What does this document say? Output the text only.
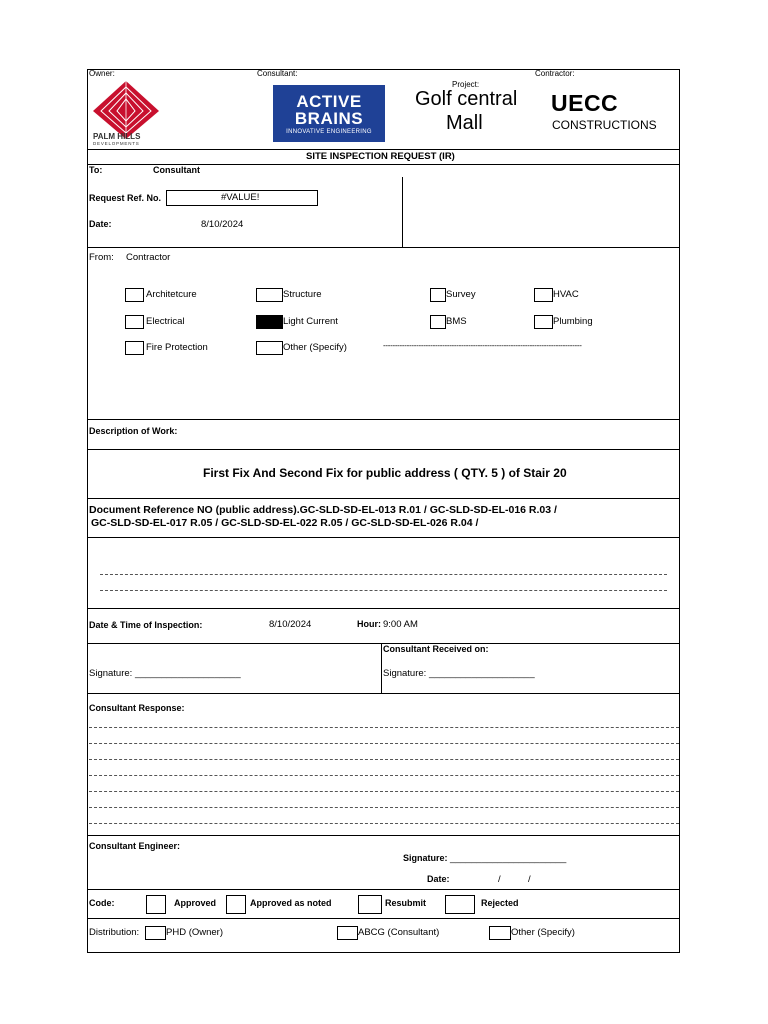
Owner:	Consultant:
Project:
Contractor:
PALM HILLS
DEVELOPMENTS
ACTIVE
BRAINS
INNOVATIVE ENGINEERING
Golf central
Mall
UECC
CONSTRUCTIONS
SITE INSPECTION REQUEST (IR)
To:	Consultant
Request Ref. No.	#VALUE!
Date:	8/10/2024
From: Contractor
Architetcure	Structure	Survey	HVAC
Electrical	Light Current	BMS	Plumbing
Fire Protection	Other (Specify)	------------------------------------------------------------------------------------
Description of Work:
First Fix And Second Fix for public address ( QTY. 5 ) of Stair 20
Document Reference NO (public address).GC-SLD-SD-EL-013 R.01 / GC-SLD-SD-EL-016 R.03 /
GC-SLD-SD-EL-017 R.05 / GC-SLD-SD-EL-022 R.05 / GC-SLD-SD-EL-026 R.04 /
Date & Time of Inspection:	8/10/2024	Hour: 9:00 AM
Consultant Received on:
Signature: ____________________	Signature: ____________________
Consultant Response:
Consultant Engineer:
Signature: ______________________
Date:	/	/
Code:	Approved	Approved as noted	Resubmit	Rejected
Distribution:	PHD (Owner)	ABCG (Consultant)	Other (Specify)
